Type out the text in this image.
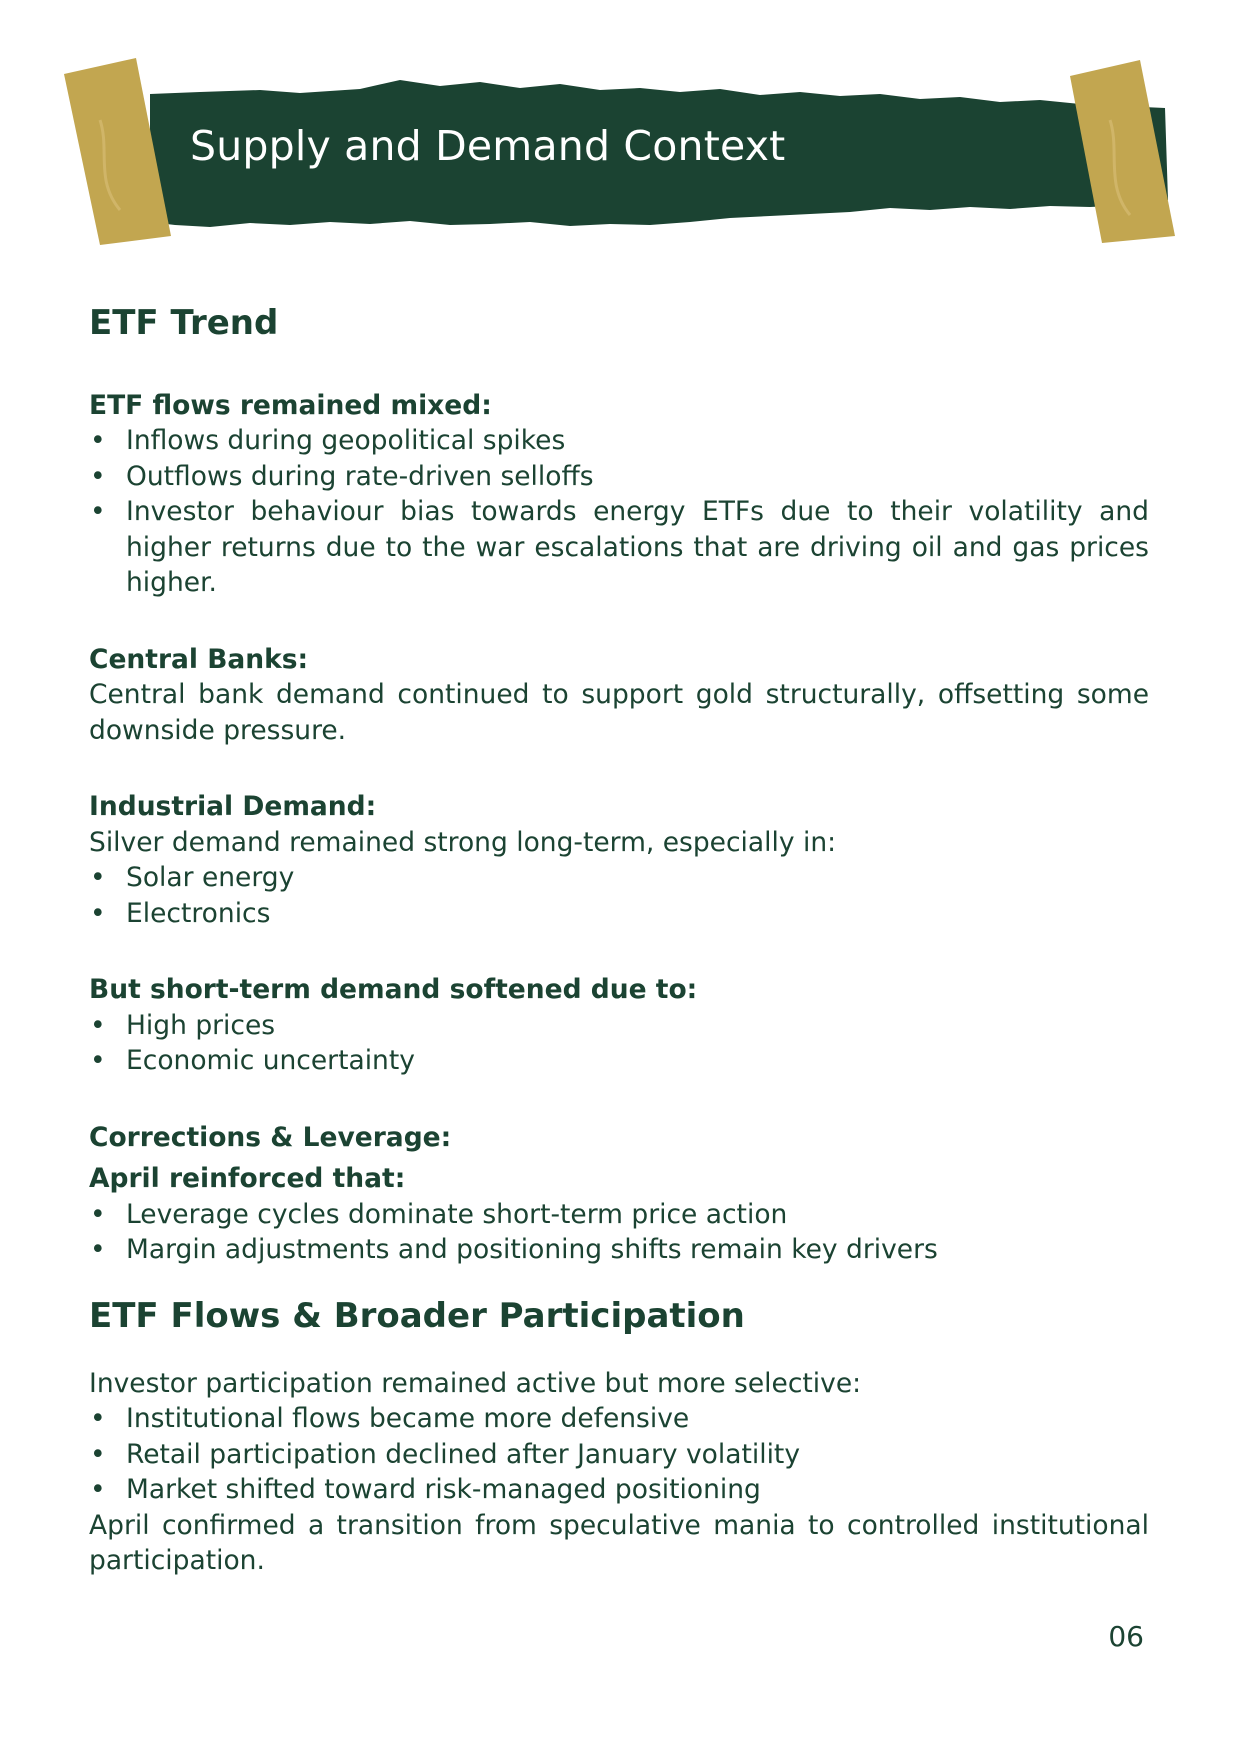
Supply and Demand Context
ETF Trend
ETF flows remained mixed:
• Inflows during geopolitical spikes
• Outflows during rate-driven selloffs
• Investor behaviour bias towards energy ETFs due to their volatility and higher returns due to the war escalations that are driving oil and gas prices higher.
Central Banks:
Central bank demand continued to support gold structurally, offsetting some downside pressure.
Industrial Demand:
Silver demand remained strong long-term, especially in:
• Solar energy
• Electronics
But short-term demand softened due to:
• High prices
• Economic uncertainty
Corrections & Leverage:
April reinforced that:
• Leverage cycles dominate short-term price action
• Margin adjustments and positioning shifts remain key drivers
ETF Flows & Broader Participation
Investor participation remained active but more selective:
• Institutional flows became more defensive
• Retail participation declined after January volatility
• Market shifted toward risk-managed positioning
April confirmed a transition from speculative mania to controlled institutional participation.
06
